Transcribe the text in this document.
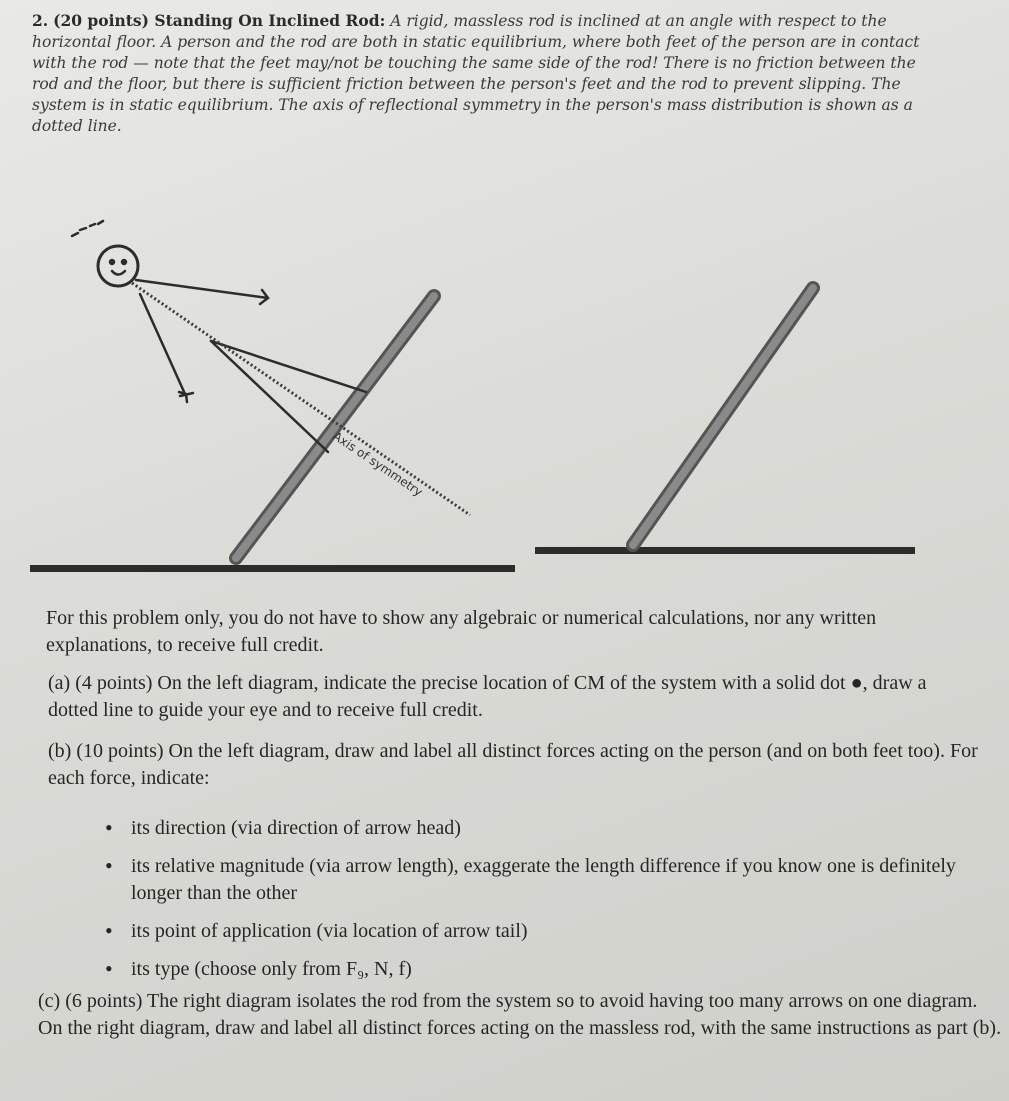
2. (20 points) Standing On Inclined Rod: A rigid, massless rod is inclined at an angle with respect to the horizontal floor. A person and the rod are both in static equilibrium, where both feet of the person are in contact with the rod — note that the feet may/not be touching the same side of the rod! There is no friction between the rod and the floor, but there is sufficient friction between the person's feet and the rod to prevent slipping. The system is in static equilibrium. The axis of reflectional symmetry in the person's mass distribution is shown as a dotted line.
Axis of symmetry
For this problem only, you do not have to show any algebraic or numerical calculations, nor any written explanations, to receive full credit.
(a) (4 points) On the left diagram, indicate the precise location of CM of the system with a solid dot ●, draw a dotted line to guide your eye and to receive full credit.
(b) (10 points) On the left diagram, draw and label all distinct forces acting on the person (and on both feet too). For each force, indicate:
• its direction (via direction of arrow head)
• its relative magnitude (via arrow length), exaggerate the length difference if you know one is definitely longer than the other
• its point of application (via location of arrow tail)
• its type (choose only from F₉, N, f)
(c) (6 points) The right diagram isolates the rod from the system so to avoid having too many arrows on one diagram. On the right diagram, draw and label all distinct forces acting on the massless rod, with the same instructions as part (b).
